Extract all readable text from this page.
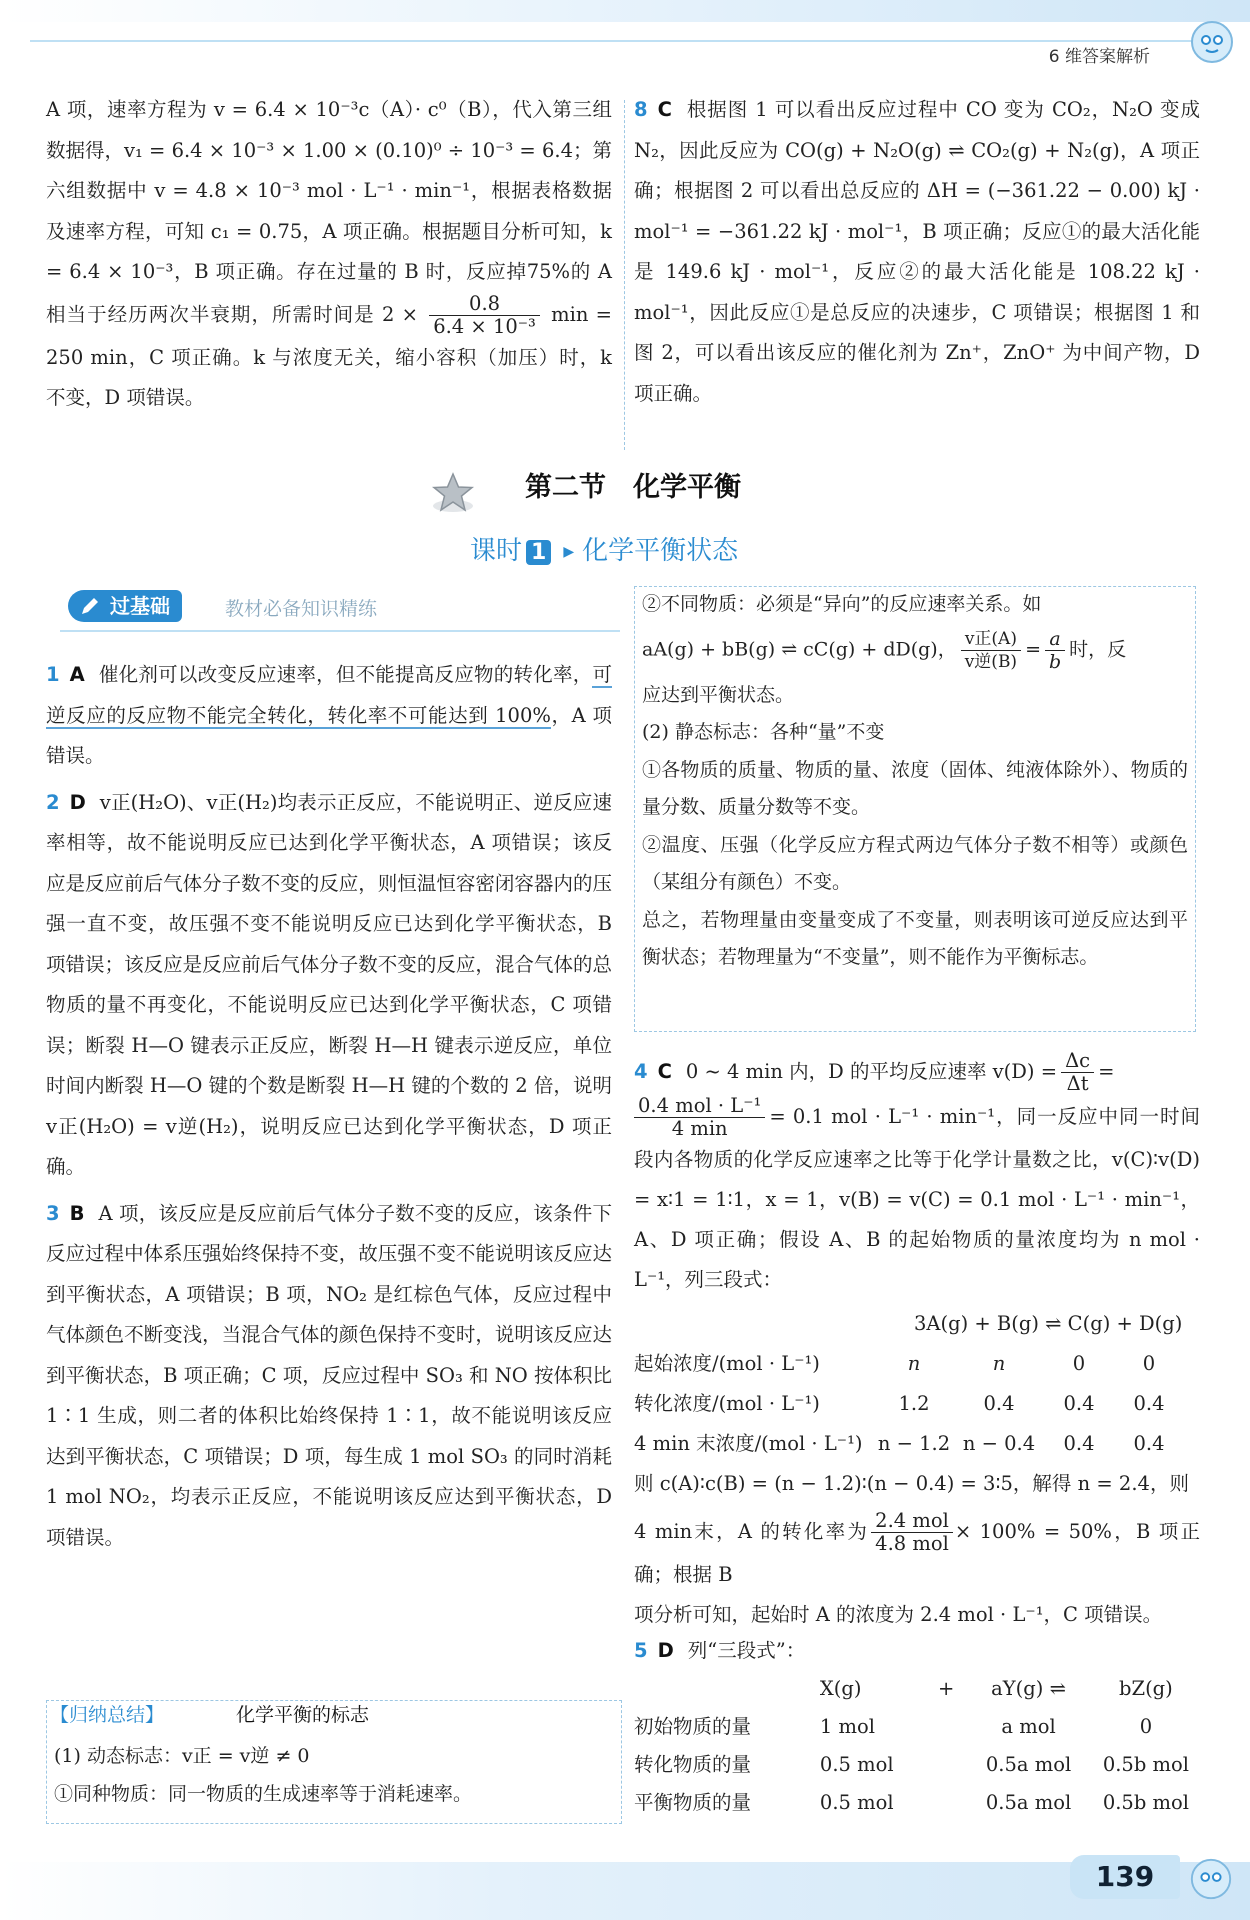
6 维答案解析
A 项，速率方程为 v = 6.4 × 10⁻³c（A）· c⁰（B），代入第三组数据得，v₁ = 6.4 × 10⁻³ × 1.00 × (0.10)⁰ ÷ 10⁻³ = 6.4；第六组数据中 v = 4.8 × 10⁻³ mol · L⁻¹ · min⁻¹，根据表格数据及速率方程，可知 c₁ = 0.75，A 项正确。根据题目分析可知，k = 6.4 × 10⁻³，B 项正确。存在过量的 B 时，反应掉75%的 A 相当于经历两次半衰期，所需时间是 $2 \times \frac{0.8}{\text{6.4 × 10⁻³}}$ min = 250 min，C 项正确。k 与浓度无关，缩小容积（加压）时，k 不变，D 项错误。
8 C 根据图 1 可以看出反应过程中 CO 变为 CO₂，N₂O 变成 N₂，因此反应为 CO(g) + N₂O(g) ⇌ CO₂(g) + N₂(g)，A 项正确；根据图 2 可以看出总反应的 ΔH = (−361.22 − 0.00) kJ · mol⁻¹ = −361.22 kJ · mol⁻¹，B 项正确；反应①的最大活化能是 149.6 kJ · mol⁻¹，反应②的最大活化能是 108.22 kJ · mol⁻¹，因此反应①是总反应的决速步，C 项错误；根据图 1 和图 2，可以看出该反应的催化剂为 Zn⁺，ZnO⁺ 为中间产物，D 项正确。
第二节　化学平衡
课时 1 ▶ 化学平衡状态
过基础	教材必备知识精练

1 A 催化剂可以改变反应速率，但不能提高反应物的转化率，可逆反应的反应物不能完全转化，转化率不可能达到 100%，A 项错误。

2 D v正(H₂O)、v正(H₂)均表示正反应，不能说明正、逆反应速率相等，故不能说明反应已达到化学平衡状态，A 项错误；该反应是反应前后气体分子数不变的反应，则恒温恒容密闭容器内的压强一直不变，故压强不变不能说明反应已达到化学平衡状态，B 项错误；该反应是反应前后气体分子数不变的反应，混合气体的总物质的量不再变化，不能说明反应已达到化学平衡状态，C 项错误；断裂 H—O 键表示正反应，断裂 H—H 键表示逆反应，单位时间内断裂 H—O 键的个数是断裂 H—H 键的个数的 2 倍，说明 v正(H₂O) = v逆(H₂)，说明反应已达到化学平衡状态，D 项正确。

3 B A 项，该反应是反应前后气体分子数不变的反应，该条件下反应过程中体系压强始终保持不变，故压强不变不能说明该反应达到平衡状态，A 项错误；B 项，NO₂ 是红棕色气体，反应过程中气体颜色不断变浅，当混合气体的颜色保持不变时，说明该反应达到平衡状态，B 项正确；C 项，反应过程中 SO₃ 和 NO 按体积比 1∶1 生成，则二者的体积比始终保持 1∶1，故不能说明该反应达到平衡状态，C 项错误；D 项，每生成 1 mol SO₃ 的同时消耗 1 mol NO₂，均表示正反应，不能说明该反应达到平衡状态，D 项错误。

【归纳总结】	化学平衡的标志

(1) 动态标志：v正 = v逆 ≠ 0

①同种物质：同一物质的生成速率等于消耗速率。

②不同物质：必须是“异向”的反应速率关系。如

aA(g) + bB(g) ⇌ cC(g) + dD(g)， $\frac{\text{v正(A)}}{\text{v逆(B)}} = \frac{a}{b}$ 时，反

应达到平衡状态。

(2) 静态标志：各种“量”不变

①各物质的质量、物质的量、浓度（固体、纯液体除外）、物质的量分数、质量分数等不变。

②温度、压强（化学反应方程式两边气体分子数不相等）或颜色（某组分有颜色）不变。

总之，若物理量由变量变成了不变量，则表明该可逆反应达到平衡状态；若物理量为“不变量”，则不能作为平衡标志。

4 C 0 ~ 4 min 内，D 的平均反应速率 $v(D) = \frac{\Delta c}{\Delta t}$ =

$\frac{\text{0.4 mol · L⁻¹}}{4 \min} = 0.1$ mol · L⁻¹ · min⁻¹，同一反应中同一时间段内各物质的化学反应速率之比等于化学计量数之比，v(C)∶v(D) = x∶1 = 1∶1，x = 1，v(B) = v(C) = 0.1 mol · L⁻¹ · min⁻¹，A、D 项正确；假设 A、B 的起始物质的量浓度均为 n mol · L⁻¹，列三段式：

	3A(g) + B(g) ⇌ C(g) + D(g)			
起始浓度/(mol · L⁻¹)	n	n	0	0
转化浓度/(mol · L⁻¹)	1.2	0.4	0.4	0.4
4 min 末浓度/(mol · L⁻¹)	n − 1.2	n − 0.4	0.4	0.4

则 c(A)∶c(B) = (n − 1.2)∶(n − 0.4) = 3∶5，解得 n = 2.4，则

4 min末，A 的转化率为 $\frac{\text{2.4 mol}}{\text{4.8 mol}} \times 100\% = 50\%$，B 项正确；根据 B

项分析可知，起始时 A 的浓度为 2.4 mol · L⁻¹，C 项错误。

5 D 列“三段式”：

	X(g)	+	aY(g) ⇌	bZ(g)
初始物质的量	1 mol		a mol	0
转化物质的量	0.5 mol		0.5a mol	0.5b mol
平衡物质的量	0.5 mol		0.5a mol	0.5b mol
139
